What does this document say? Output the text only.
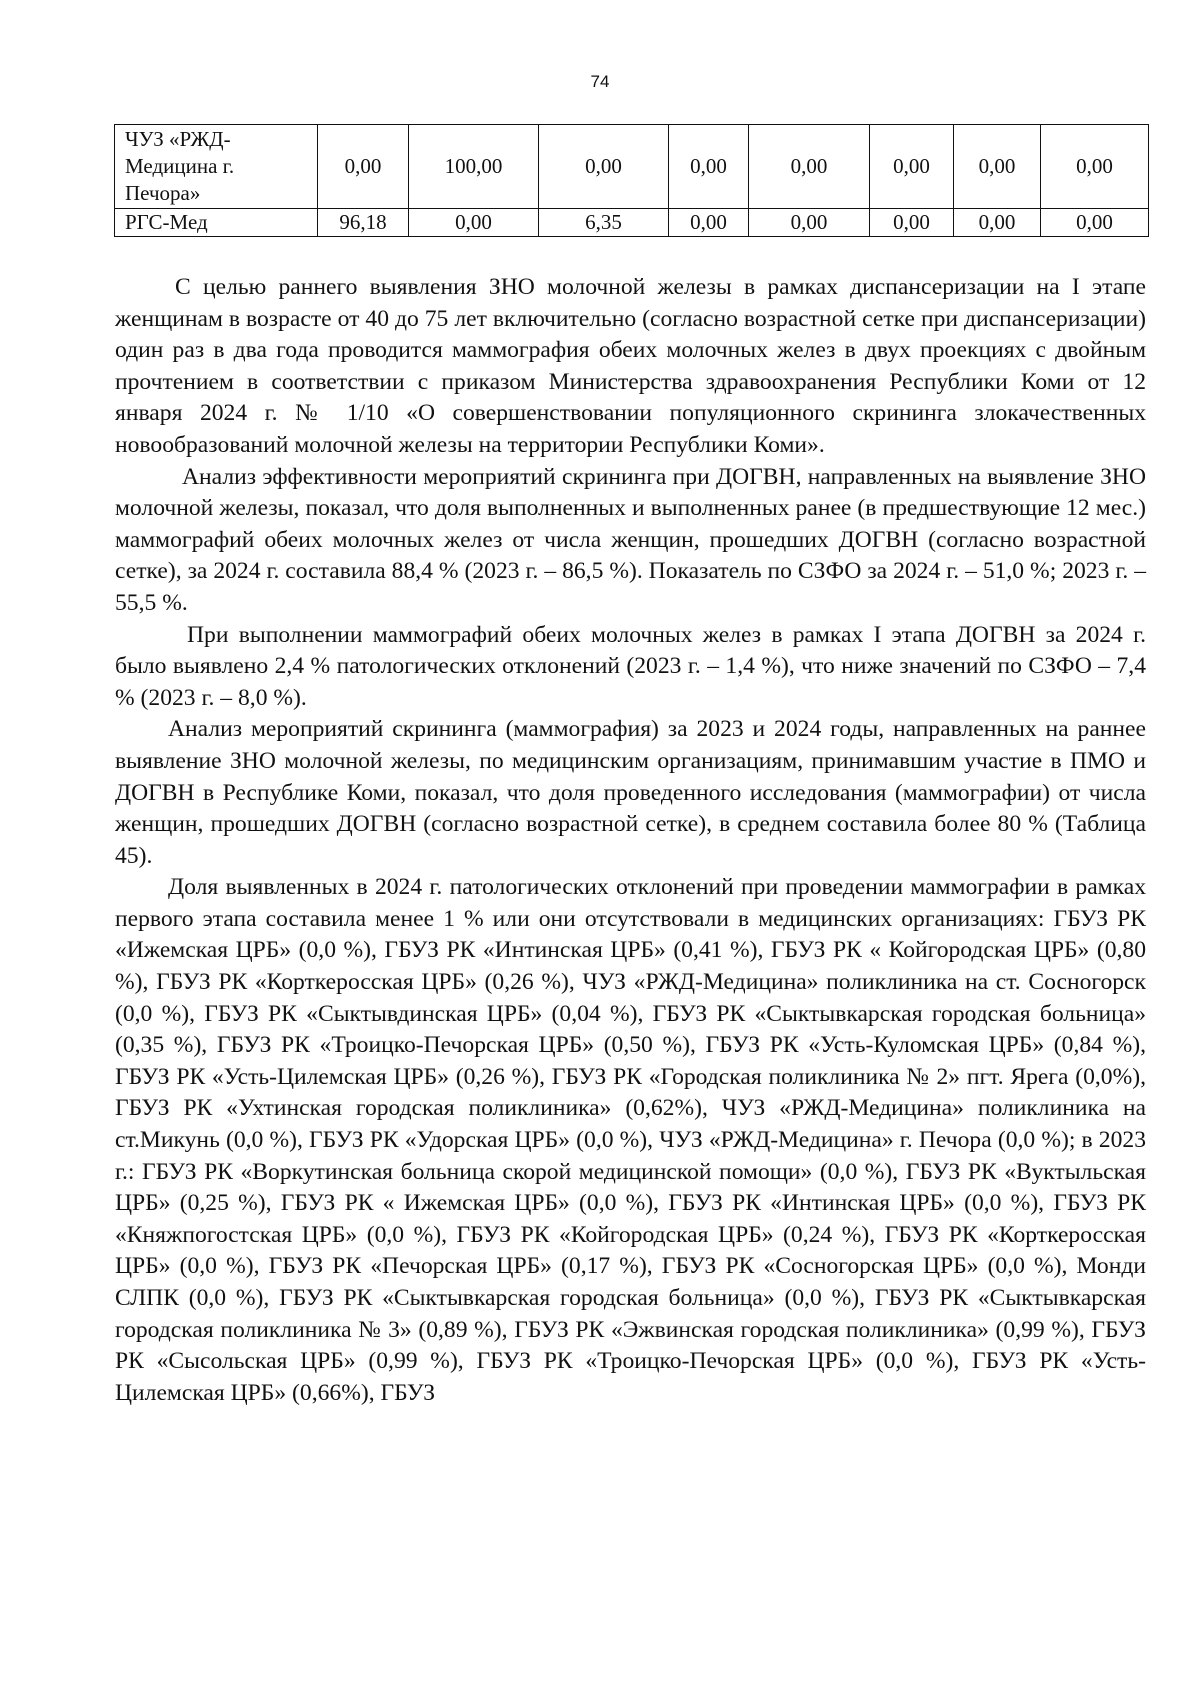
74
ЧУЗ «РЖД-Медицина г. Печора»	0,00	100,00	0,00	0,00	0,00	0,00	0,00	0,00
РГС-Мед	96,18	0,00	6,35	0,00	0,00	0,00	0,00	0,00

С целью раннего выявления ЗНО молочной железы в рамках диспансеризации на I этапе женщинам в возрасте от 40 до 75 лет включительно (согласно возрастной сетке при диспансеризации) один раз в два года проводится маммография обеих молочных желез в двух проекциях с двойным прочтением в соответствии с приказом Министерства здравоохранения Республики Коми от 12 января 2024 г. № 1/10 «О совершенствовании популяционного скрининга злокачественных новообразований молочной железы на территории Республики Коми».

Анализ эффективности мероприятий скрининга при ДОГВН, направленных на выявление ЗНО молочной железы, показал, что доля выполненных и выполненных ранее (в предшествующие 12 мес.) маммографий обеих молочных желез от числа женщин, прошедших ДОГВН (согласно возрастной сетке), за 2024 г. составила 88,4 % (2023 г. – 86,5 %). Показатель по СЗФО за 2024 г. – 51,0 %; 2023 г. – 55,5 %.

При выполнении маммографий обеих молочных желез в рамках I этапа ДОГВН за 2024 г. было выявлено 2,4 % патологических отклонений (2023 г. – 1,4 %), что ниже значений по СЗФО – 7,4 % (2023 г. – 8,0 %).

Анализ мероприятий скрининга (маммография) за 2023 и 2024 годы, направленных на раннее выявление ЗНО молочной железы, по медицинским организациям, принимавшим участие в ПМО и ДОГВН в Республике Коми, показал, что доля проведенного исследования (маммографии) от числа женщин, прошедших ДОГВН (согласно возрастной сетке), в среднем составила более 80 % (Таблица 45).

Доля выявленных в 2024 г. патологических отклонений при проведении маммографии в рамках первого этапа составила менее 1 % или они отсутствовали в медицинских организациях: ГБУЗ РК «Ижемская ЦРБ» (0,0 %), ГБУЗ РК «Интинская ЦРБ» (0,41 %), ГБУЗ РК « Койгородская ЦРБ» (0,80 %), ГБУЗ РК «Корткеросская ЦРБ» (0,26 %), ЧУЗ «РЖД-Медицина» поликлиника на ст. Сосногорск (0,0 %), ГБУЗ РК «Сыктывдинская ЦРБ» (0,04 %), ГБУЗ РК «Сыктывкарская городская больница» (0,35 %), ГБУЗ РК «Троицко-Печорская ЦРБ» (0,50 %), ГБУЗ РК «Усть-Куломская ЦРБ» (0,84 %), ГБУЗ РК «Усть-Цилемская ЦРБ» (0,26 %), ГБУЗ РК «Городская поликлиника № 2» пгт. Ярега (0,0%), ГБУЗ РК «Ухтинская городская поликлиника» (0,62%), ЧУЗ «РЖД-Медицина» поликлиника на ст.Микунь (0,0 %), ГБУЗ РК «Удорская ЦРБ» (0,0 %), ЧУЗ «РЖД-Медицина» г. Печора (0,0 %); в 2023 г.: ГБУЗ РК «Воркутинская больница скорой медицинской помощи» (0,0 %), ГБУЗ РК «Вуктыльская ЦРБ» (0,25 %), ГБУЗ РК « Ижемская ЦРБ» (0,0 %), ГБУЗ РК «Интинская ЦРБ» (0,0 %), ГБУЗ РК «Княжпогостская ЦРБ» (0,0 %), ГБУЗ РК «Койгородская ЦРБ» (0,24 %), ГБУЗ РК «Корткеросская ЦРБ» (0,0 %), ГБУЗ РК «Печорская ЦРБ» (0,17 %), ГБУЗ РК «Сосногорская ЦРБ» (0,0 %), Монди СЛПК (0,0 %), ГБУЗ РК «Сыктывкарская городская больница» (0,0 %), ГБУЗ РК «Сыктывкарская городская поликлиника № 3» (0,89 %), ГБУЗ РК «Эжвинская городская поликлиника» (0,99 %), ГБУЗ РК «Сысольская ЦРБ» (0,99 %), ГБУЗ РК «Троицко-Печорская ЦРБ» (0,0 %), ГБУЗ РК «Усть-Цилемская ЦРБ» (0,66%), ГБУЗ
